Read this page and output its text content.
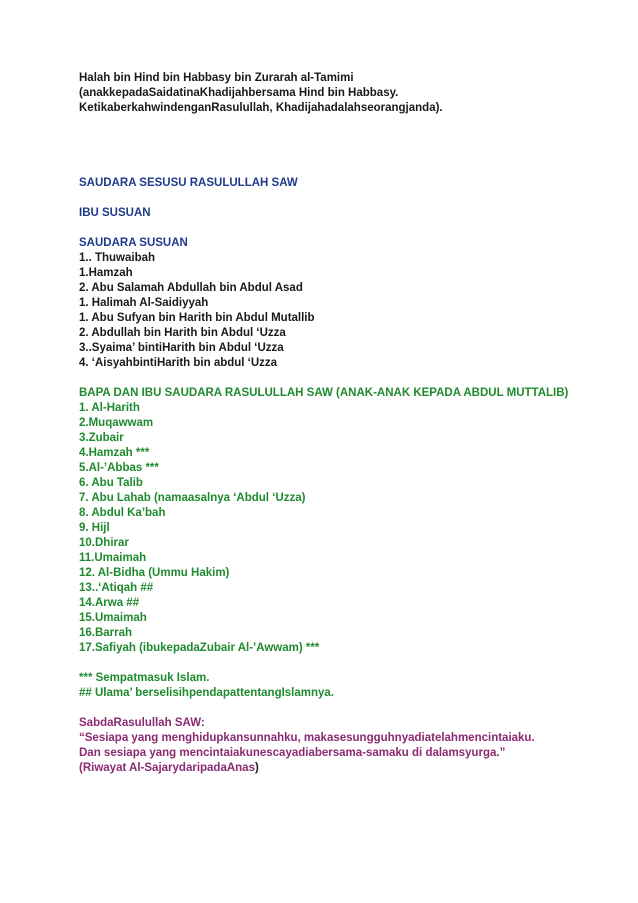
Halah bin Hind bin Habbasy bin Zurarah al-Tamimi
(anakkepadaSaidatinaKhadijahbersama Hind bin Habbasy.
KetikaberkahwindenganRasulullah, Khadijahadalahseorangjanda).
SAUDARA SESUSU RASULULLAH SAW
IBU SUSUAN
SAUDARA SUSUAN
1.. Thuwaibah
1.Hamzah
2. Abu Salamah Abdullah bin Abdul Asad
1. Halimah Al-Saidiyyah
1. Abu Sufyan bin Harith bin Abdul Mutallib
2. Abdullah bin Harith bin Abdul ‘Uzza
3..Syaima’ bintiHarith bin Abdul ‘Uzza
4. ‘AisyahbintiHarith bin abdul ‘Uzza
BAPA DAN IBU SAUDARA RASULULLAH SAW (ANAK-ANAK KEPADA ABDUL MUTTALIB)
1. Al-Harith
2.Muqawwam
3.Zubair
4.Hamzah ***
5.Al-’Abbas ***
6. Abu Talib
7. Abu Lahab (namaasalnya ‘Abdul ‘Uzza)
8. Abdul Ka’bah
9. Hijl
10.Dhirar
11.Umaimah
12. Al-Bidha (Ummu Hakim)
13..‘Atiqah ##
14.Arwa ##
15.Umaimah
16.Barrah
17.Safiyah (ibukepadaZubair Al-’Awwam) ***
*** Sempatmasuk Islam.
## Ulama’ berselisihpendapattentangIslamnya.
SabdaRasulullah SAW:
“Sesiapa yang menghidupkansunnahku, makasesungguhnyadiatelahmencintaiaku.
Dan sesiapa yang mencintaiakunescayadiabersama-samaku di dalamsyurga.”
(Riwayat Al-SajarydaripadaAnas)
